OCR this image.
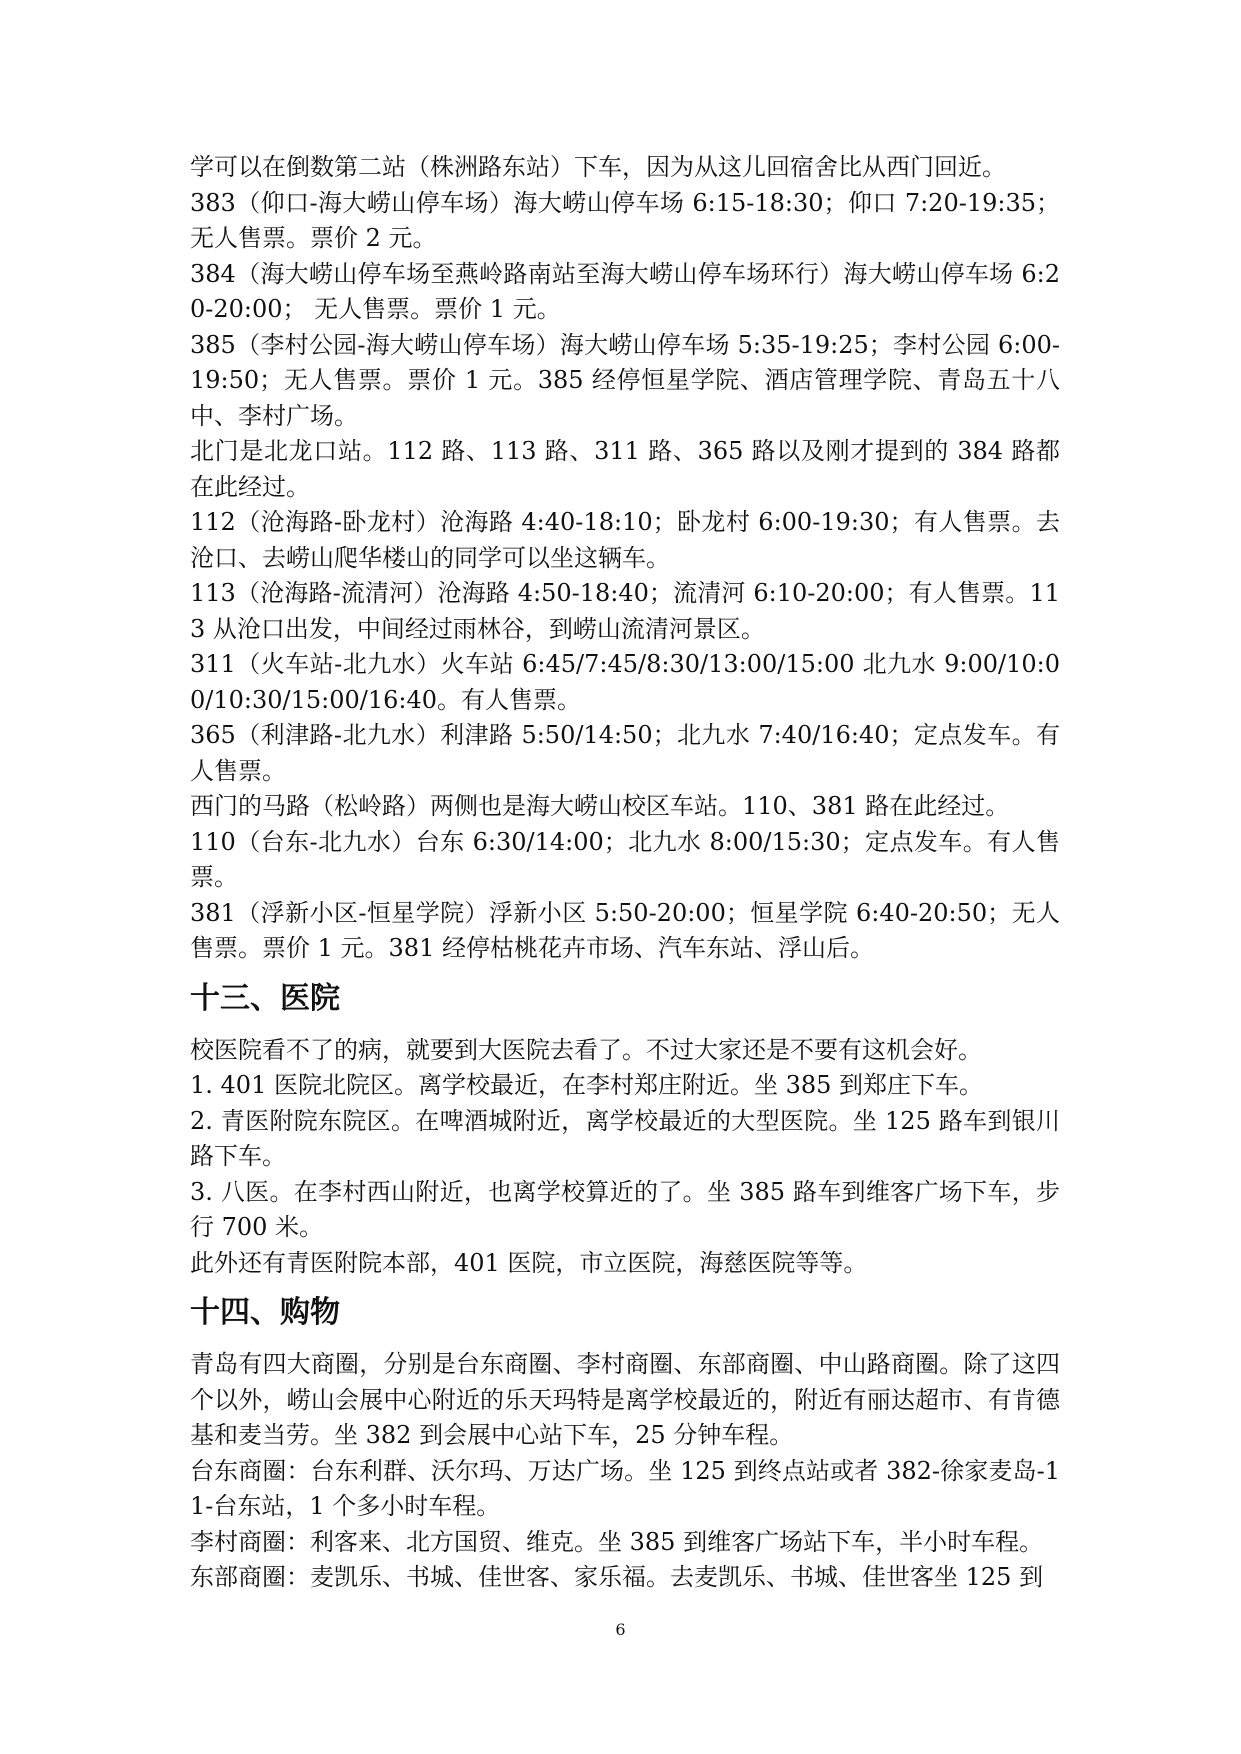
学可以在倒数第二站（株洲路东站）下车，因为从这儿回宿舍比从西门回近。

383（仰口-海大崂山停车场）海大崂山停车场 6:15-18:30；仰口 7:20-19:35；无人售票。票价 2 元。

384（海大崂山停车场至燕岭路南站至海大崂山停车场环行）海大崂山停车场 6:20-20:00； 无人售票。票价 1 元。

385（李村公园-海大崂山停车场）海大崂山停车场 5:35-19:25；李村公园 6:00-19:50；无人售票。票价 1 元。385 经停恒星学院、酒店管理学院、青岛五十八中、李村广场。

北门是北龙口站。112 路、113 路、311 路、365 路以及刚才提到的 384 路都在此经过。

112（沧海路-卧龙村）沧海路 4:40-18:10；卧龙村 6:00-19:30；有人售票。去沧口、去崂山爬华楼山的同学可以坐这辆车。

113（沧海路-流清河）沧海路 4:50-18:40；流清河 6:10-20:00；有人售票。113 从沧口出发，中间经过雨林谷，到崂山流清河景区。

311（火车站-北九水）火车站 6:45/7:45/8:30/13:00/15:00 北九水 9:00/10:00/10:30/15:00/16:40。有人售票。

365（利津路-北九水）利津路 5:50/14:50；北九水 7:40/16:40；定点发车。有人售票。

西门的马路（松岭路）两侧也是海大崂山校区车站。110、381 路在此经过。

110（台东-北九水）台东 6:30/14:00；北九水 8:00/15:30；定点发车。有人售票。

381（浮新小区-恒星学院）浮新小区 5:50-20:00；恒星学院 6:40-20:50；无人售票。票价 1 元。381 经停枯桃花卉市场、汽车东站、浮山后。

十三、医院

校医院看不了的病，就要到大医院去看了。不过大家还是不要有这机会好。

1. 401 医院北院区。离学校最近，在李村郑庄附近。坐 385 到郑庄下车。

2. 青医附院东院区。在啤酒城附近，离学校最近的大型医院。坐 125 路车到银川路下车。

3. 八医。在李村西山附近，也离学校算近的了。坐 385 路车到维客广场下车，步行 700 米。

此外还有青医附院本部，401 医院，市立医院，海慈医院等等。

十四、购物

青岛有四大商圈，分别是台东商圈、李村商圈、东部商圈、中山路商圈。除了这四个以外，崂山会展中心附近的乐天玛特是离学校最近的，附近有丽达超市、有肯德基和麦当劳。坐 382 到会展中心站下车，25 分钟车程。

台东商圈：台东利群、沃尔玛、万达广场。坐 125 到终点站或者 382-徐家麦岛-11-台东站，1 个多小时车程。

李村商圈：利客来、北方国贸、维克。坐 385 到维客广场站下车，半小时车程。

东部商圈：麦凯乐、书城、佳世客、家乐福。去麦凯乐、书城、佳世客坐 125 到

6
